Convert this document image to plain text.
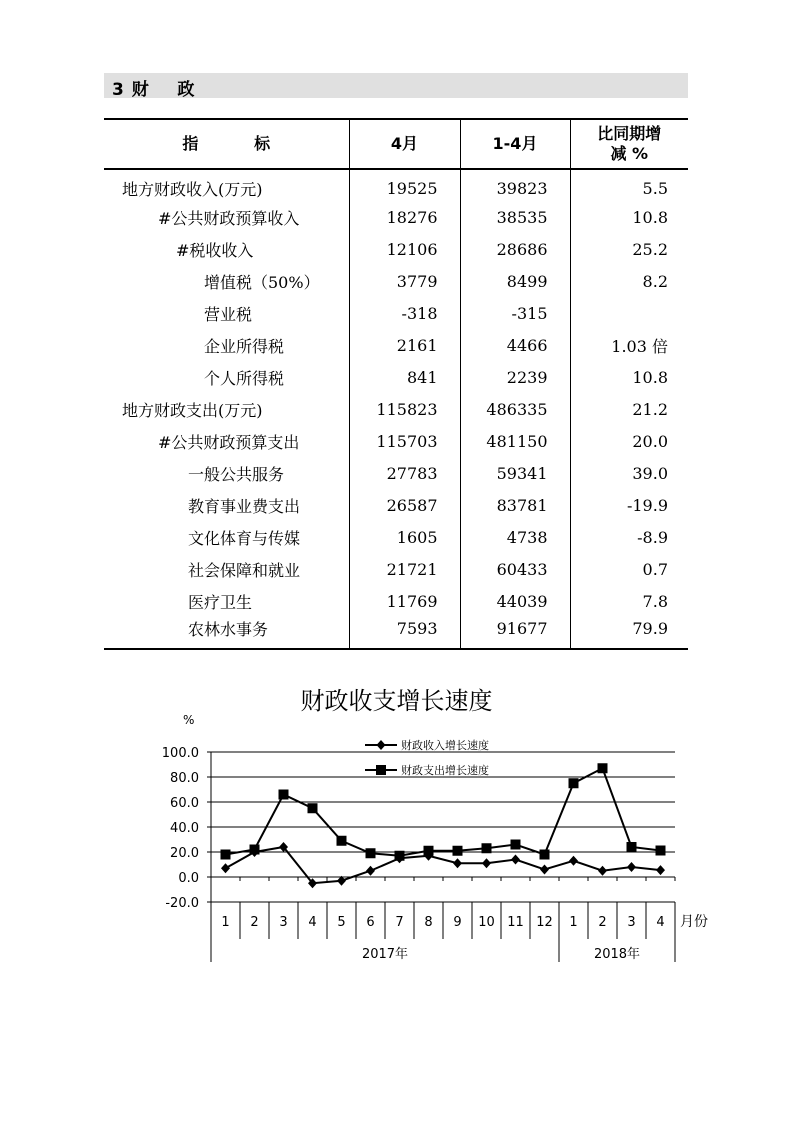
3 财    政
指          标	4月	1-4月	比同期增减 %
地方财政收入(万元)	19525	39823	5.5
#公共财政预算收入	18276	38535	10.8
#税收收入	12106	28686	25.2
增值税（50%）	3779	8499	8.2
营业税	-318	-315	
企业所得税	2161	4466	1.03 倍
个人所得税	841	2239	10.8
地方财政支出(万元)	115823	486335	21.2
#公共财政预算支出	115703	481150	20.0
一般公共服务	27783	59341	39.0
教育事业费支出	26587	83781	-19.9
文化体育与传媒	1605	4738	-8.9
社会保障和就业	21721	60433	0.7
医疗卫生	11769	44039	7.8
农林水事务	7593	91677	79.9
财政收支增长速度
100.0
80.0
60.0
40.0
20.0
0.0
-20.0
%
1 2 3 4 5 6 7 8 9 10 11 12 1 2 3 4 月份
2017年	2018年
财政收入增长速度
财政支出增长速度
